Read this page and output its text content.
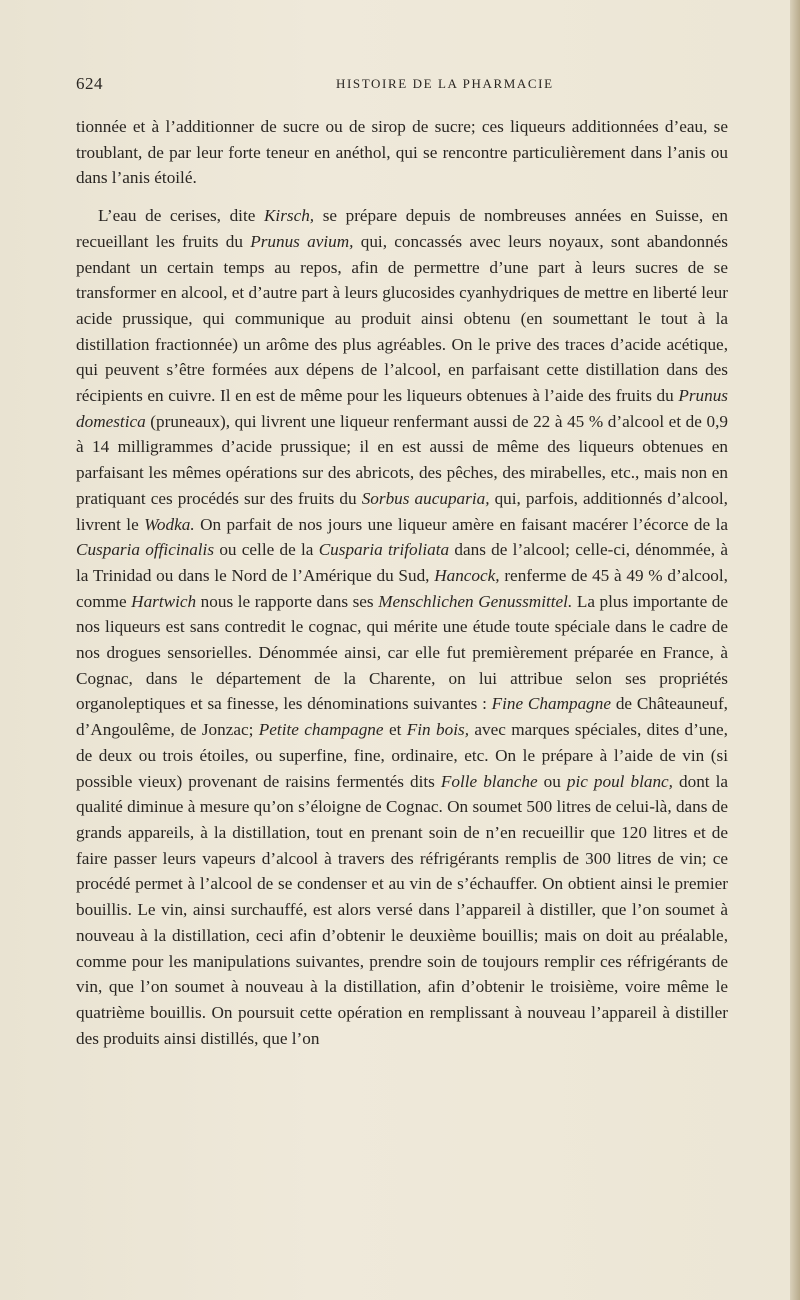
624	HISTOIRE DE LA PHARMACIE

tionnée et à l’additionner de sucre ou de sirop de sucre; ces liqueurs additionnées d’eau, se troublant, de par leur forte teneur en anéthol, qui se rencontre particulièrement dans l’anis ou dans l’anis étoilé.

L’eau de cerises, dite Kirsch, se prépare depuis de nombreuses années en Suisse, en recueillant les fruits du Prunus avium, qui, concassés avec leurs noyaux, sont abandonnés pendant un certain temps au repos, afin de permettre d’une part à leurs sucres de se transformer en alcool, et d’autre part à leurs glucosides cyanhydriques de mettre en liberté leur acide prussique, qui communique au produit ainsi obtenu (en soumettant le tout à la distillation fractionnée) un arôme des plus agréables. On le prive des traces d’acide acétique, qui peuvent s’être formées aux dépens de l’alcool, en parfaisant cette distillation dans des récipients en cuivre. Il en est de même pour les liqueurs obtenues à l’aide des fruits du Prunus domestica (pruneaux), qui livrent une liqueur renfermant aussi de 22 à 45 % d’alcool et de 0,9 à 14 milligrammes d’acide prussique; il en est aussi de même des liqueurs obtenues en parfaisant les mêmes opérations sur des abricots, des pêches, des mirabelles, etc., mais non en pratiquant ces procédés sur des fruits du Sorbus aucuparia, qui, parfois, additionnés d’alcool, livrent le Wodka. On parfait de nos jours une liqueur amère en faisant macérer l’écorce de la Cusparia officinalis ou celle de la Cusparia trifoliata dans de l’alcool; celle-ci, dénommée, à la Trinidad ou dans le Nord de l’Amérique du Sud, Hancock, renferme de 45 à 49 % d’alcool, comme Hartwich nous le rapporte dans ses Menschlichen Genussmittel. La plus importante de nos liqueurs est sans contredit le cognac, qui mérite une étude toute spéciale dans le cadre de nos drogues sensorielles. Dénommée ainsi, car elle fut premièrement préparée en France, à Cognac, dans le département de la Charente, on lui attribue selon ses propriétés organoleptiques et sa finesse, les dénominations suivantes : Fine Champagne de Châteauneuf, d’Angoulême, de Jonzac; Petite champagne et Fin bois, avec marques spéciales, dites d’une, de deux ou trois étoiles, ou superfine, fine, ordinaire, etc. On le prépare à l’aide de vin (si possible vieux) provenant de raisins fermentés dits Folle blanche ou pic poul blanc, dont la qualité diminue à mesure qu’on s’éloigne de Cognac. On soumet 500 litres de celui-là, dans de grands appareils, à la distillation, tout en prenant soin de n’en recueillir que 120 litres et de faire passer leurs vapeurs d’alcool à travers des réfrigérants remplis de 300 litres de vin; ce procédé permet à l’alcool de se condenser et au vin de s’échauffer. On obtient ainsi le premier bouillis. Le vin, ainsi surchauffé, est alors versé dans l’appareil à distiller, que l’on soumet à nouveau à la distillation, ceci afin d’obtenir le deuxième bouillis; mais on doit au préalable, comme pour les manipulations suivantes, prendre soin de toujours remplir ces réfrigérants de vin, que l’on soumet à nouveau à la distillation, afin d’obtenir le troisième, voire même le quatrième bouillis. On poursuit cette opération en remplissant à nouveau l’appareil à distiller des produits ainsi distillés, que l’on
